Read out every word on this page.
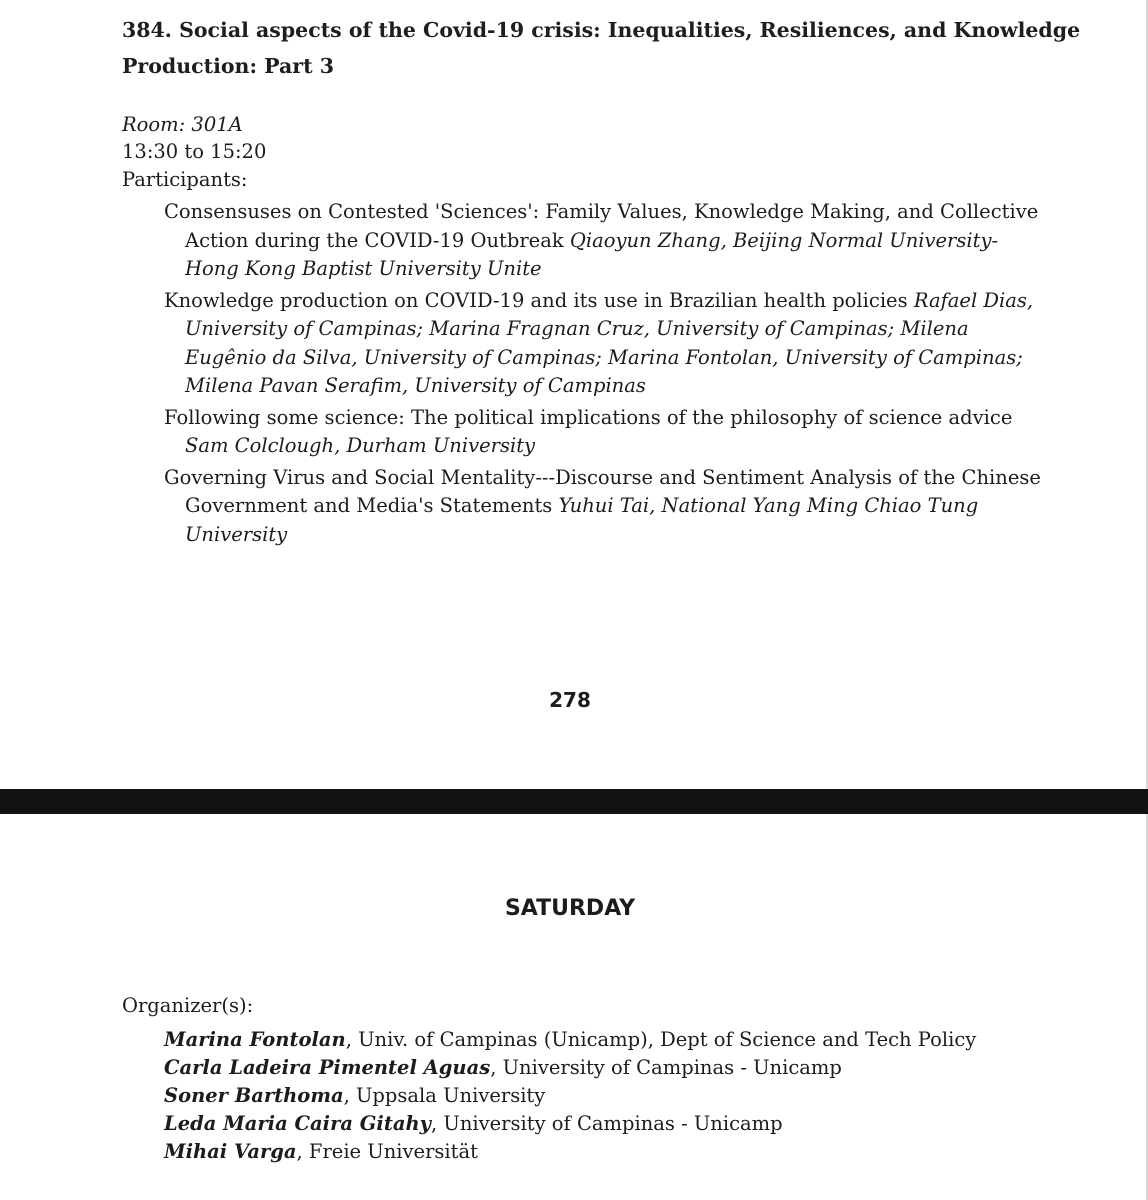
384. Social aspects of the Covid-19 crisis: Inequalities, Resiliences, and Knowledge Production: Part 3

Room: 301A

13:30 to 15:20

Participants:

Consensuses on Contested 'Sciences': Family Values, Knowledge Making, and Collective Action during the COVID-19 Outbreak Qiaoyun Zhang, Beijing Normal University-Hong Kong Baptist University Unite
Knowledge production on COVID-19 and its use in Brazilian health policies Rafael Dias, University of Campinas; Marina Fragnan Cruz, University of Campinas; Milena Eugênio da Silva, University of Campinas; Marina Fontolan, University of Campinas; Milena Pavan Serafim, University of Campinas
Following some science: The political implications of the philosophy of science advice Sam Colclough, Durham University
Governing Virus and Social Mentality---Discourse and Sentiment Analysis of the Chinese Government and Media's Statements Yuhui Tai, National Yang Ming Chiao Tung University

278

SATURDAY

Organizer(s):

Marina Fontolan, Univ. of Campinas (Unicamp), Dept of Science and Tech Policy
Carla Ladeira Pimentel Aguas, University of Campinas - Unicamp
Soner Barthoma, Uppsala University
Leda Maria Caira Gitahy, University of Campinas - Unicamp
Mihai Varga, Freie Universität
